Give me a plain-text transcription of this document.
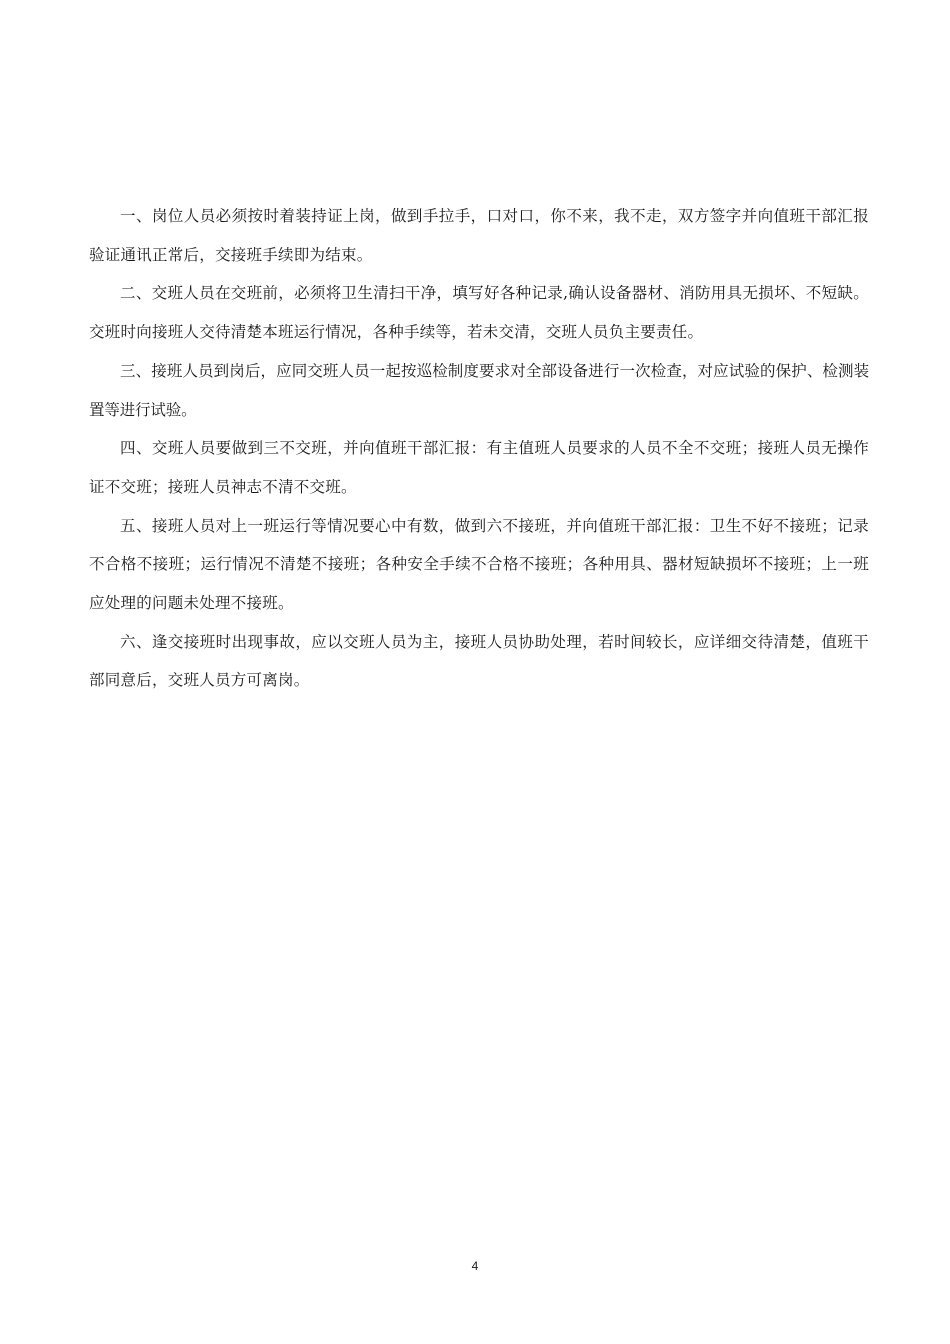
一、岗位人员必须按时着装持证上岗，做到手拉手，口对口，你不来，我不走，双方签字并向值班干部汇报验证通讯正常后，交接班手续即为结束。

二、交班人员在交班前，必须将卫生清扫干净，填写好各种记录,确认设备器材、消防用具无损坏、不短缺。交班时向接班人交待清楚本班运行情况，各种手续等，若未交清，交班人员负主要责任。

三、接班人员到岗后，应同交班人员一起按巡检制度要求对全部设备进行一次检查，对应试验的保护、检测装置等进行试验。

四、交班人员要做到三不交班，并向值班干部汇报：有主值班人员要求的人员不全不交班；接班人员无操作证不交班；接班人员神志不清不交班。

五、接班人员对上一班运行等情况要心中有数，做到六不接班，并向值班干部汇报：卫生不好不接班；记录不合格不接班；运行情况不清楚不接班；各种安全手续不合格不接班；各种用具、器材短缺损坏不接班；上一班应处理的问题未处理不接班。

六、逢交接班时出现事故，应以交班人员为主，接班人员协助处理，若时间较长，应详细交待清楚，值班干部同意后，交班人员方可离岗。

4
